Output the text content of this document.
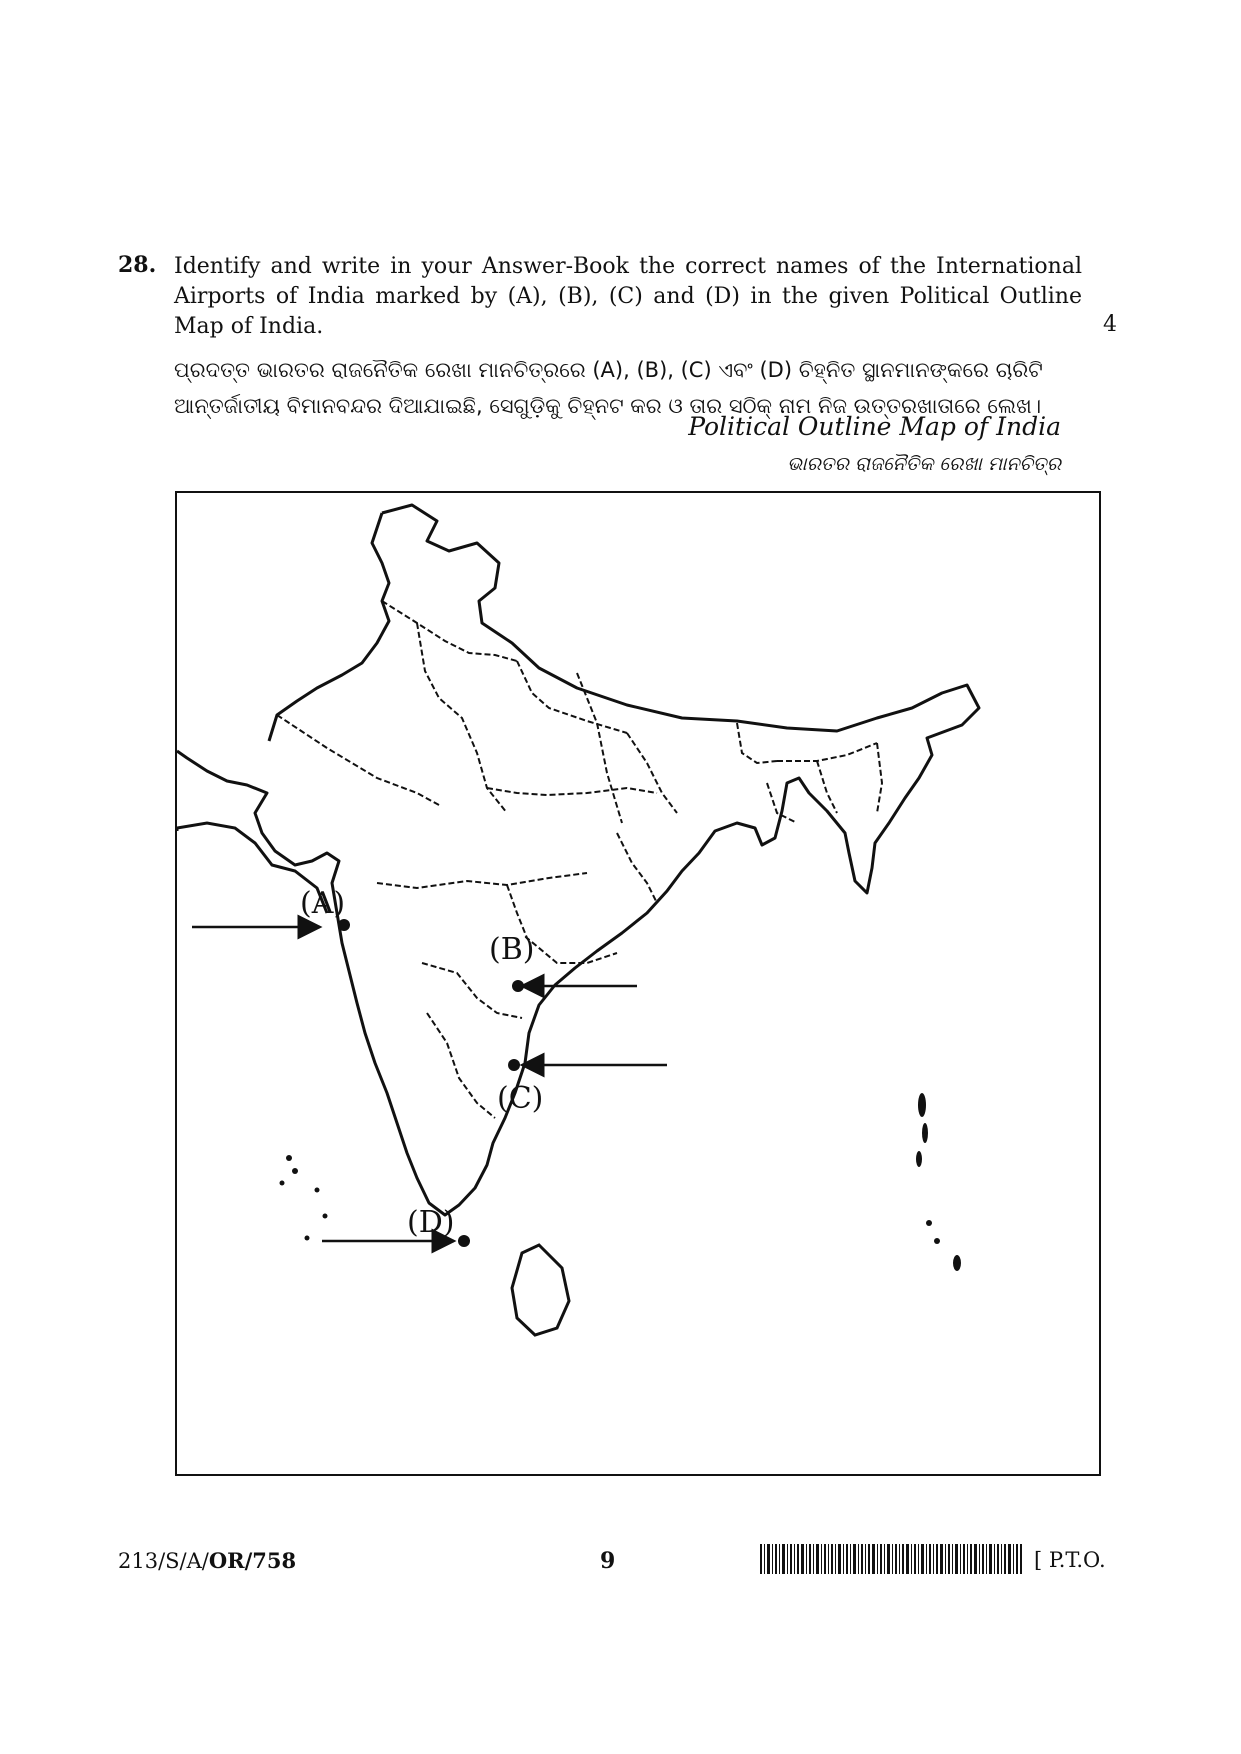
28. Identify and write in your Answer-Book the correct names of the International Airports of India marked by (A), (B), (C) and (D) in the given Political Outline Map of India.	4
ପ୍ରଦତ୍ତ ଭାରତର ରାଜନୈତିକ ରେଖା ମାନଚିତ୍ରରେ (A), (B), (C) ଏବଂ (D) ଚିହ୍ନିତ ସ୍ଥାନମାନଙ୍କରେ ଚାରିଟି
ଆନ୍ତର୍ଜାତୀୟ ବିମାନବନ୍ଦର ଦିଆଯାଇଛି, ସେଗୁଡ଼ିକୁ ଚିହ୍ନଟ କର ଓ ତାର ସଠିକ୍ ନାମ ନିଜ ଉତ୍ତରଖାତାରେ ଲେଖ।
Political Outline Map of India
ଭାରତର ରାଜନୈତିକ ରେଖା ମାନଚିତ୍ର
(A)
(B)
(C)
(D)
213/S/A/OR/758	9	[ P.T.O.
